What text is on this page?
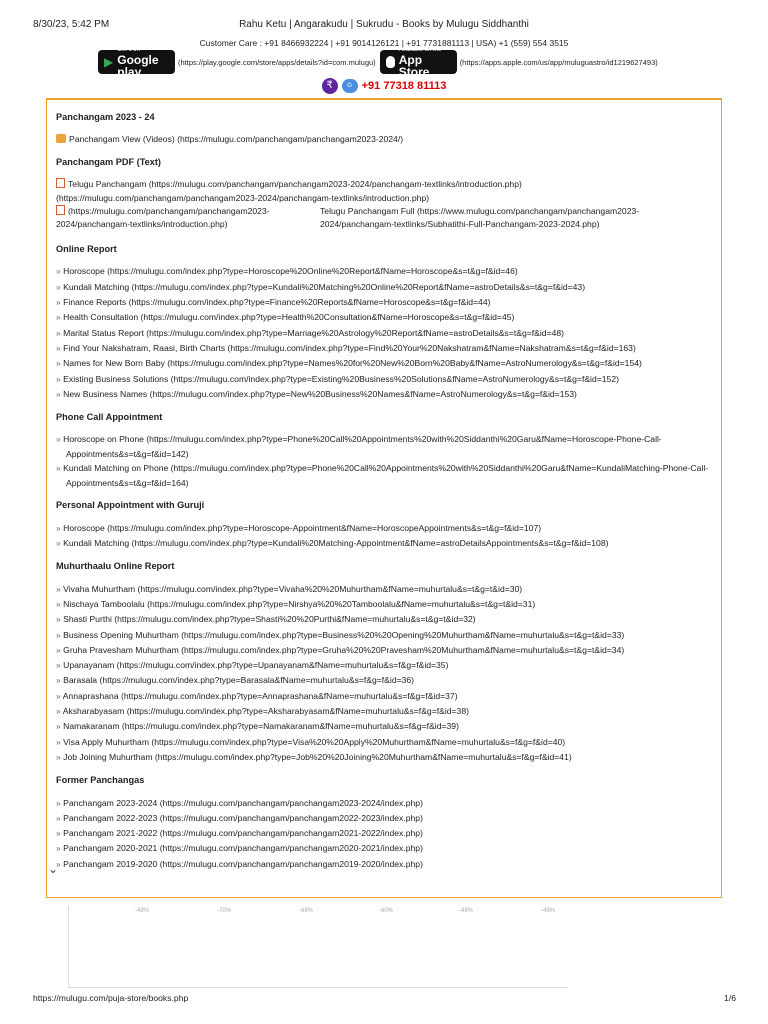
8/30/23, 5:42 PM	Rahu Ketu | Angarakudu | Sukrudu - Books by Mulugu Siddhanthi
Customer Care : +91 8466932224 | +91 9014126121 | +91 7731881113 | USA) +1 (559) 554 3515
▶
Get it on
Google play
(https://play.google.com/store/apps/details?id=com.mulugu)
Available on the
App Store
(https://apps.apple.com/us/app/muluguastro/id1219627493)
₹	G Pay
+91 77318 81113
Panchangam 2023 - 24
Panchangam View (Videos) (https://mulugu.com/panchangam/panchangam2023-2024/)
Panchangam PDF (Text)
Telugu Panchangam (https://mulugu.com/panchangam/panchangam2023-2024/panchangam-textlinks/introduction.php)
(https://mulugu.com/panchangam/panchangam2023-2024/panchangam-textlinks/introduction.php)
(https://mulugu.com/panchangam/panchangam2023-2024/panchangam-textlinks/introduction.php)
Telugu Panchangam Full (https://www.mulugu.com/panchangam/panchangam2023-2024/panchangam-textlinks/Subhatithi-Full-Panchangam-2023-2024.php)
Online Report
» Horoscope (https://mulugu.com/index.php?type=Horoscope%20Online%20Report&fName=Horoscope&s=t&g=f&id=46)
» Kundali Matching (https://mulugu.com/index.php?type=Kundali%20Matching%20Online%20Report&fName=astroDetails&s=t&g=f&id=43)
» Finance Reports (https://mulugu.com/index.php?type=Finance%20Reports&fName=Horoscope&s=t&g=f&id=44)
» Health Consultation (https://mulugu.com/index.php?type=Health%20Consultation&fName=Horoscope&s=t&g=f&id=45)
» Marital Status Report (https://mulugu.com/index.php?type=Marriage%20Astrology%20Report&fName=astroDetails&s=t&g=f&id=48)
» Find Your Nakshatram, Raasi, Birth Charts (https://mulugu.com/index.php?type=Find%20Your%20Nakshatram&fName=Nakshatram&s=t&g=f&id=163)
» Names for New Born Baby (https://mulugu.com/index.php?type=Names%20for%20New%20Born%20Baby&fName=AstroNumerology&s=t&g=f&id=154)
» Existing Business Solutions (https://mulugu.com/index.php?type=Existing%20Business%20Solutions&fName=AstroNumerology&s=t&g=f&id=152)
» New Business Names (https://mulugu.com/index.php?type=New%20Business%20Names&fName=AstroNumerology&s=t&g=f&id=153)
Phone Call Appointment
» Horoscope on Phone (https://mulugu.com/index.php?type=Phone%20Call%20Appointments%20with%20Siddanthi%20Garu&fName=Horoscope-Phone-Call-Appointments&s=t&g=f&id=142)
» Kundali Matching on Phone (https://mulugu.com/index.php?type=Phone%20Call%20Appointments%20with%20Siddanthi%20Garu&fName=KundaliMatching-Phone-Call-Appointments&s=t&g=f&id=164)
Personal Appointment with Guruji
» Horoscope (https://mulugu.com/index.php?type=Horoscope-Appointment&fName=HoroscopeAppointments&s=t&g=f&id=107)
» Kundali Matching (https://mulugu.com/index.php?type=Kundali%20Matching-Appointment&fName=astroDetailsAppointments&s=t&g=f&id=108)
Muhurthaalu Online Report
» Vivaha Muhurtham (https://mulugu.com/index.php?type=Vivaha%20%20Muhurtham&fName=muhurtalu&s=t&g=t&id=30)
» Nischaya Tamboolalu (https://mulugu.com/index.php?type=Nirshya%20%20Tamboolalu&fName=muhurtalu&s=t&g=t&id=31)
» Shasti Purthi (https://mulugu.com/index.php?type=Shasti%20%20Purthi&fName=muhurtalu&s=t&g=t&id=32)
» Business Opening Muhurtham (https://mulugu.com/index.php?type=Business%20%20Opening%20Muhurtham&fName=muhurtalu&s=t&g=t&id=33)
» Gruha Pravesham Muhurtham (https://mulugu.com/index.php?type=Gruha%20%20Pravesham%20Muhurtham&fName=muhurtalu&s=t&g=t&id=34)
» Upanayanam (https://mulugu.com/index.php?type=Upanayanam&fName=muhurtalu&s=f&g=f&id=35)
» Barasala (https://mulugu.com/index.php?type=Barasala&fName=muhurtalu&s=f&g=f&id=36)
» Annaprashana (https://mulugu.com/index.php?type=Annaprashana&fName=muhurtalu&s=f&g=f&id=37)
» Aksharabyasam (https://mulugu.com/index.php?type=Aksharabyasam&fName=muhurtalu&s=f&g=f&id=38)
» Namakaranam (https://mulugu.com/index.php?type=Namakaranam&fName=muhurtalu&s=f&g=f&id=39)
» Visa Apply Muhurtham (https://mulugu.com/index.php?type=Visa%20%20Apply%20Muhurtham&fName=muhurtalu&s=f&g=f&id=40)
» Job Joining Muhurtham (https://mulugu.com/index.php?type=Job%20%20Joining%20Muhurtham&fName=muhurtalu&s=f&g=f&id=41)
Former Panchangas
» Panchangam 2023-2024 (https://mulugu.com/panchangam/panchangam2023-2024/index.php)
» Panchangam 2022-2023 (https://mulugu.com/panchangam/panchangam2022-2023/index.php)
» Panchangam 2021-2022 (https://mulugu.com/panchangam/panchangam2021-2022/index.php)
» Panchangam 2020-2021 (https://mulugu.com/panchangam/panchangam2020-2021/index.php)
» Panchangam 2019-2020 (https://mulugu.com/panchangam/panchangam2019-2020/index.php)
⌄
-49%	-70%	-69%	-60%	-49%	-49%
https://mulugu.com/puja-store/books.php	1/6
